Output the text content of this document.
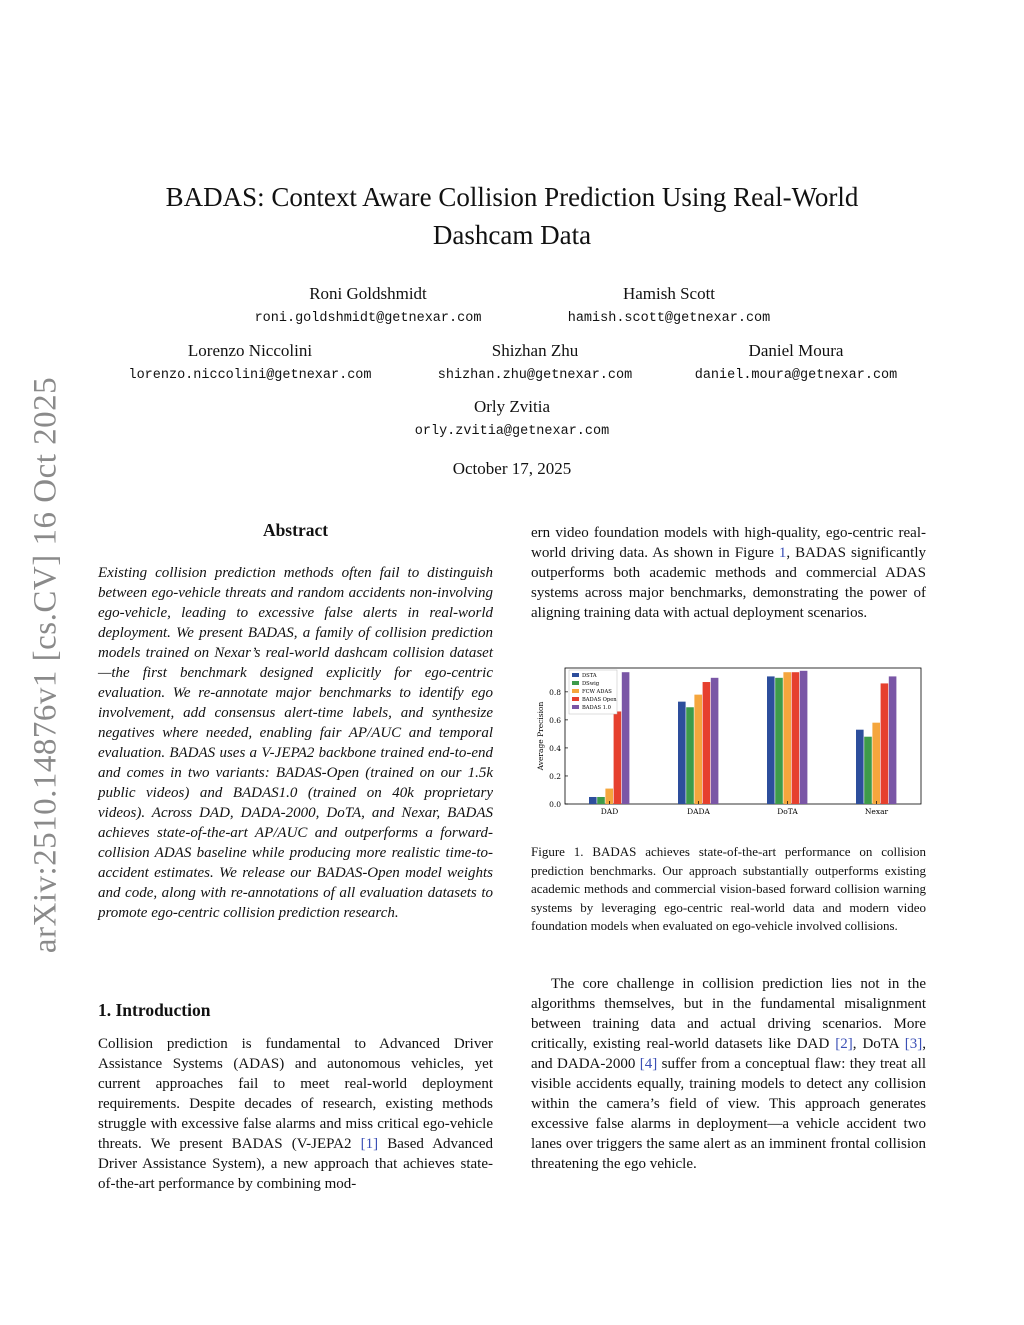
arXiv:2510.14876v1 [cs.CV] 16 Oct 2025
BADAS: Context Aware Collision Prediction Using Real-World
Dashcam Data
Roni Goldshmidt
roni.goldshmidt@getnexar.com
Hamish Scott
hamish.scott@getnexar.com
Lorenzo Niccolini
lorenzo.niccolini@getnexar.com
Shizhan Zhu
shizhan.zhu@getnexar.com
Daniel Moura
daniel.moura@getnexar.com
Orly Zvitia
orly.zvitia@getnexar.com
October 17, 2025
Abstract
Existing collision prediction methods often fail to distinguish between ego-vehicle threats and random accidents non-involving ego-vehicle, leading to excessive false alerts in real-world deployment. We present BADAS, a family of collision prediction models trained on Nexar’s real-world dashcam collision dataset—the first benchmark designed explicitly for ego-centric evaluation. We re-annotate major benchmarks to identify ego involvement, add consensus alert-time labels, and synthesize negatives where needed, enabling fair AP/AUC and temporal evaluation. BADAS uses a V-JEPA2 backbone trained end-to-end and comes in two variants: BADAS-Open (trained on our 1.5k public videos) and BADAS1.0 (trained on 40k proprietary videos). Across DAD, DADA-2000, DoTA, and Nexar, BADAS achieves state-of-the-art AP/AUC and outperforms a forward-collision ADAS baseline while producing more realistic time-to-accident estimates. We release our BADAS-Open model weights and code, along with re-annotations of all evaluation datasets to promote ego-centric collision prediction research.
1. Introduction
Collision prediction is fundamental to Advanced Driver Assistance Systems (ADAS) and autonomous vehicles, yet current approaches fail to meet real-world deployment requirements. Despite decades of research, existing methods struggle with excessive false alarms and miss critical ego-vehicle threats. We present BADAS (V-JEPA2 [1] Based Advanced Driver Assistance System), a new approach that achieves state-of-the-art performance by combining mod-
ern video foundation models with high-quality, ego-centric real-world driving data. As shown in Figure 1, BADAS significantly outperforms both academic methods and commercial ADAS systems across major benchmarks, demonstrating the power of aligning training data with actual deployment scenarios.
0.0
0.2
0.4
0.6
0.8
Average Precision
DAD	DADA	DoTA	Nexar
DSTA
DSwig
FCW ADAS
BADAS Open
BADAS 1.0
Figure 1. BADAS achieves state-of-the-art performance on collision prediction benchmarks. Our approach substantially outperforms existing academic methods and commercial vision-based forward collision warning systems by leveraging ego-centric real-world data and modern video foundation models when evaluated on ego-vehicle involved collisions.
The core challenge in collision prediction lies not in the algorithms themselves, but in the fundamental misalignment between training data and actual driving scenarios. More critically, existing real-world datasets like DAD [2], DoTA [3], and DADA-2000 [4] suffer from a conceptual flaw: they treat all visible accidents equally, training models to detect any collision within the camera’s field of view. This approach generates excessive false alarms in deployment—a vehicle accident two lanes over triggers the same alert as an imminent frontal collision threatening the ego vehicle.
